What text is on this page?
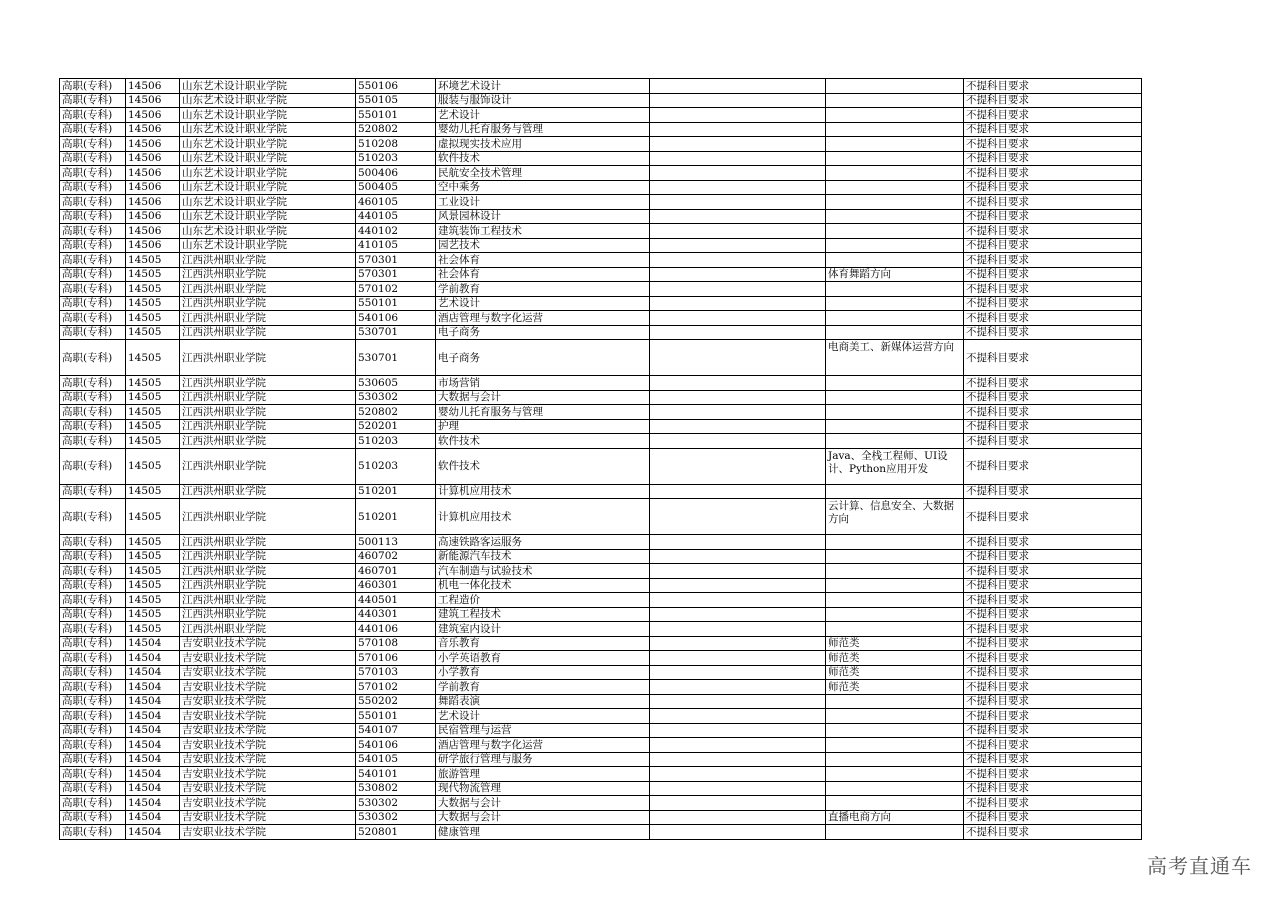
高职(专科)	14506	山东艺术设计职业学院	550106	环境艺术设计			不提科目要求
高职(专科)	14506	山东艺术设计职业学院	550105	服装与服饰设计			不提科目要求
高职(专科)	14506	山东艺术设计职业学院	550101	艺术设计			不提科目要求
高职(专科)	14506	山东艺术设计职业学院	520802	婴幼儿托育服务与管理			不提科目要求
高职(专科)	14506	山东艺术设计职业学院	510208	虚拟现实技术应用			不提科目要求
高职(专科)	14506	山东艺术设计职业学院	510203	软件技术			不提科目要求
高职(专科)	14506	山东艺术设计职业学院	500406	民航安全技术管理			不提科目要求
高职(专科)	14506	山东艺术设计职业学院	500405	空中乘务			不提科目要求
高职(专科)	14506	山东艺术设计职业学院	460105	工业设计			不提科目要求
高职(专科)	14506	山东艺术设计职业学院	440105	风景园林设计			不提科目要求
高职(专科)	14506	山东艺术设计职业学院	440102	建筑装饰工程技术			不提科目要求
高职(专科)	14506	山东艺术设计职业学院	410105	园艺技术			不提科目要求
高职(专科)	14505	江西洪州职业学院	570301	社会体育			不提科目要求
高职(专科)	14505	江西洪州职业学院	570301	社会体育		体育舞蹈方向	不提科目要求
高职(专科)	14505	江西洪州职业学院	570102	学前教育			不提科目要求
高职(专科)	14505	江西洪州职业学院	550101	艺术设计			不提科目要求
高职(专科)	14505	江西洪州职业学院	540106	酒店管理与数字化运营			不提科目要求
高职(专科)	14505	江西洪州职业学院	530701	电子商务			不提科目要求
高职(专科)	14505	江西洪州职业学院	530701	电子商务		电商美工、新媒体运营方向	不提科目要求
高职(专科)	14505	江西洪州职业学院	530605	市场营销			不提科目要求
高职(专科)	14505	江西洪州职业学院	530302	大数据与会计			不提科目要求
高职(专科)	14505	江西洪州职业学院	520802	婴幼儿托育服务与管理			不提科目要求
高职(专科)	14505	江西洪州职业学院	520201	护理			不提科目要求
高职(专科)	14505	江西洪州职业学院	510203	软件技术			不提科目要求
高职(专科)	14505	江西洪州职业学院	510203	软件技术		Java、全栈工程师、UI设计、Python应用开发	不提科目要求
高职(专科)	14505	江西洪州职业学院	510201	计算机应用技术			不提科目要求
高职(专科)	14505	江西洪州职业学院	510201	计算机应用技术		云计算、信息安全、大数据方向	不提科目要求
高职(专科)	14505	江西洪州职业学院	500113	高速铁路客运服务			不提科目要求
高职(专科)	14505	江西洪州职业学院	460702	新能源汽车技术			不提科目要求
高职(专科)	14505	江西洪州职业学院	460701	汽车制造与试验技术			不提科目要求
高职(专科)	14505	江西洪州职业学院	460301	机电一体化技术			不提科目要求
高职(专科)	14505	江西洪州职业学院	440501	工程造价			不提科目要求
高职(专科)	14505	江西洪州职业学院	440301	建筑工程技术			不提科目要求
高职(专科)	14505	江西洪州职业学院	440106	建筑室内设计			不提科目要求
高职(专科)	14504	吉安职业技术学院	570108	音乐教育		师范类	不提科目要求
高职(专科)	14504	吉安职业技术学院	570106	小学英语教育		师范类	不提科目要求
高职(专科)	14504	吉安职业技术学院	570103	小学教育		师范类	不提科目要求
高职(专科)	14504	吉安职业技术学院	570102	学前教育		师范类	不提科目要求
高职(专科)	14504	吉安职业技术学院	550202	舞蹈表演			不提科目要求
高职(专科)	14504	吉安职业技术学院	550101	艺术设计			不提科目要求
高职(专科)	14504	吉安职业技术学院	540107	民宿管理与运营			不提科目要求
高职(专科)	14504	吉安职业技术学院	540106	酒店管理与数字化运营			不提科目要求
高职(专科)	14504	吉安职业技术学院	540105	研学旅行管理与服务			不提科目要求
高职(专科)	14504	吉安职业技术学院	540101	旅游管理			不提科目要求
高职(专科)	14504	吉安职业技术学院	530802	现代物流管理			不提科目要求
高职(专科)	14504	吉安职业技术学院	530302	大数据与会计			不提科目要求
高职(专科)	14504	吉安职业技术学院	530302	大数据与会计		直播电商方向	不提科目要求
高职(专科)	14504	吉安职业技术学院	520801	健康管理			不提科目要求
高考直通车
